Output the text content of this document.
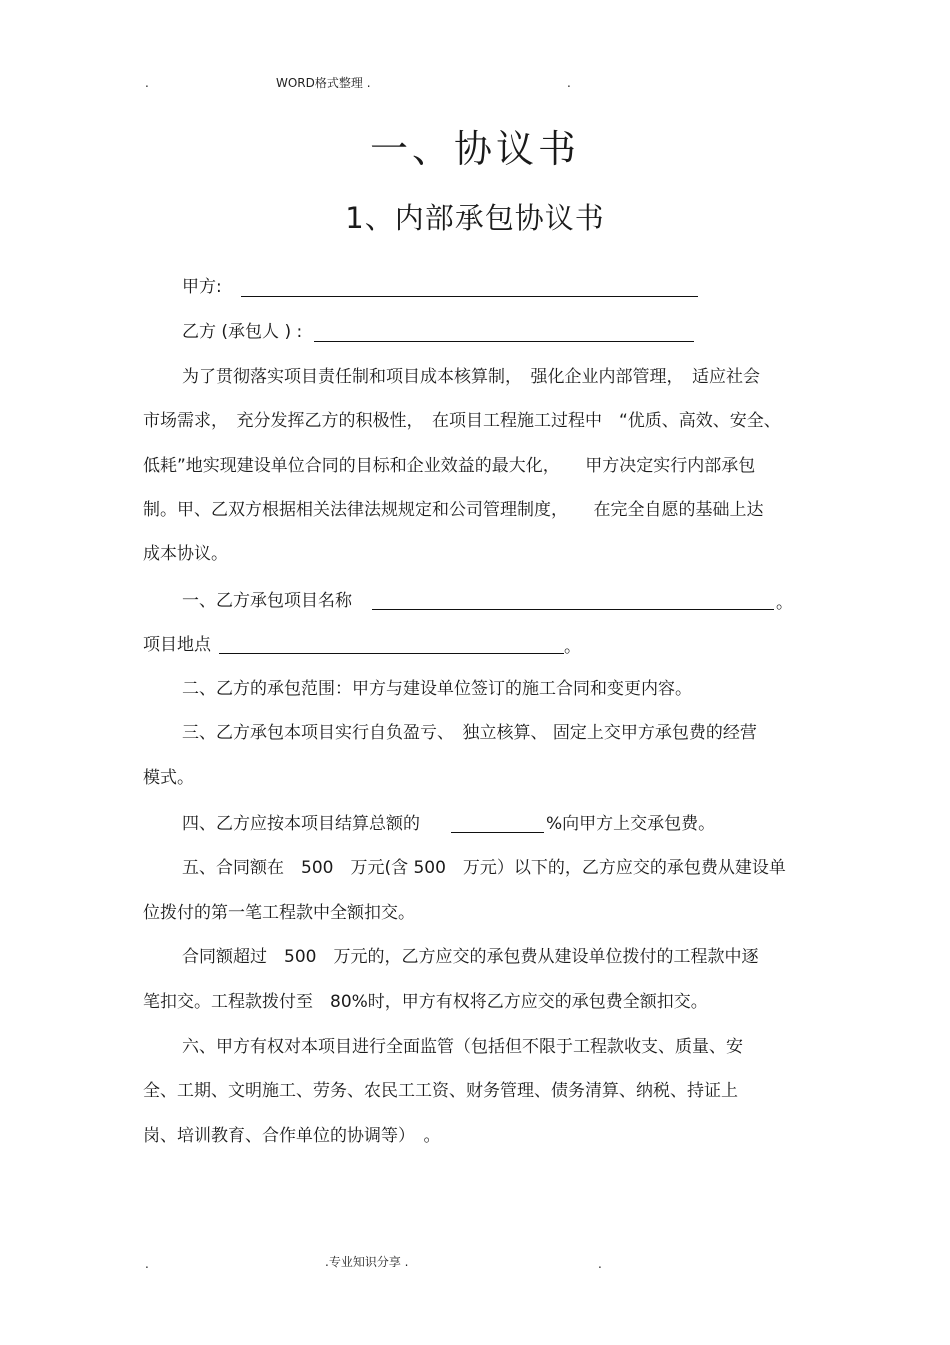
.	WORD格式整理 .	.
一、协议书
1、内部承包协议书
甲方:
乙方 (承包人 ) :
为了贯彻落实项目责任制和项目成本核算制，　强化企业内部管理，　适应社会
市场需求，　充分发挥乙方的积极性，　在项目工程施工过程中　“优质、高效、安全、
低耗”地实现建设单位合同的目标和企业效益的最大化，　　甲方决定实行内部承包
制。甲、乙双方根据相关法律法规规定和公司管理制度，　　在完全自愿的基础上达
成本协议。
一、乙方承包项目名称	。
项目地点	。
二、乙方的承包范围：甲方与建设单位签订的施工合同和变更内容。
三、乙方承包本项目实行自负盈亏、　独立核算、 固定上交甲方承包费的经营
模式。
四、乙方应按本项目结算总额的	%向甲方上交承包费。
五、合同额在　500　万元(含 500　万元）以下的，乙方应交的承包费从建设单
位拨付的第一笔工程款中全额扣交。
合同额超过　500　万元的，乙方应交的承包费从建设单位拨付的工程款中逐
笔扣交。工程款拨付至　80%时，甲方有权将乙方应交的承包费全额扣交。
六、甲方有权对本项目进行全面监管（包括但不限于工程款收支、质量、安
全、工期、文明施工、劳务、农民工工资、财务管理、债务清算、纳税、持证上
岗、培训教育、合作单位的协调等）　。
.	.专业知识分享 .	.
